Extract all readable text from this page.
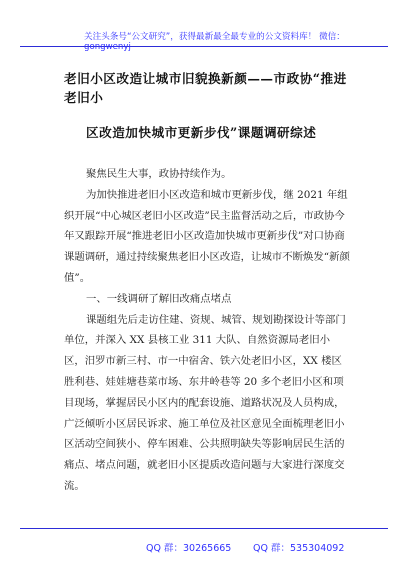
关注头条号“公文研究”，获得最新最全最专业的公文资料库！ 微信：gongwenyj
老旧小区改造让城市旧貌换新颜——市政协“推进老旧小
区改造加快城市更新步伐”课题调研综述

聚焦民生大事，政协持续作为。

为加快推进老旧小区改造和城市更新步伐，继 2021 年组织开展“中心城区老旧小区改造”民主监督活动之后，市政协今年又跟踪开展“推进老旧小区改造加快城市更新步伐”对口协商课题调研，通过持续聚焦老旧小区改造，让城市不断焕发“新颜值”。

一、一线调研了解旧改痛点堵点

课题组先后走访住建、资规、城管、规划勘探设计等部门单位，并深入 XX 县核工业 311 大队、自然资源局老旧小区，汨罗市新三村、市一中宿舍、铁六处老旧小区，XX 楼区胜利巷、娃娃塘巷菜市场、东井岭巷等 20 多个老旧小区和项目现场，掌握居民小区内的配套设施、道路状况及人员构成，广泛倾听小区居民诉求、施工单位及社区意见全面梳理老旧小区活动空间狭小、停车困难、公共照明缺失等影响居民生活的痛点、堵点问题，就老旧小区提质改造问题与大家进行深度交流。

QQ 群：30265665 QQ 群：535304092
